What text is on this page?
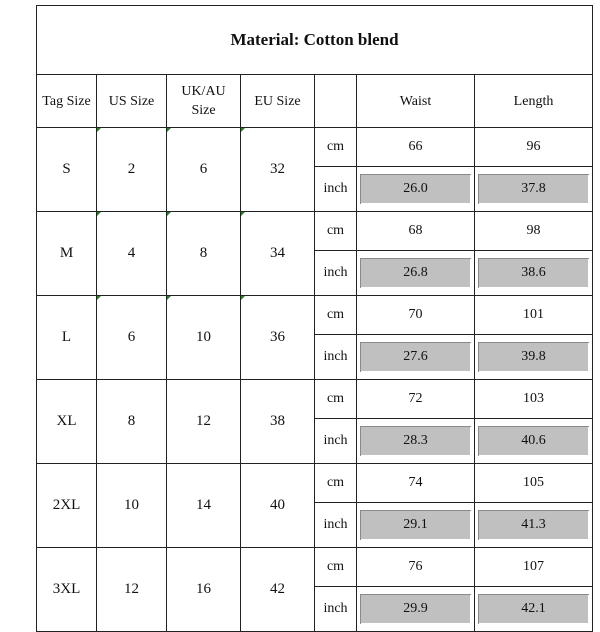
Material: Cotton blend						
Tag Size	US Size	UK/AU Size	EU Size		Waist	Length
S	2	6	32	cm	66	96
				inch	26.0	37.8

M	4	8	34	cm	68	98
				inch	26.8	38.6

L	6	10	36	cm	70	101
				inch	27.6	39.8

XL	8	12	38	cm	72	103
				inch	28.3	40.6

2XL	10	14	40	cm	74	105
				inch	29.1	41.3

3XL	12	16	42	cm	76	107
				inch	29.9	42.1
